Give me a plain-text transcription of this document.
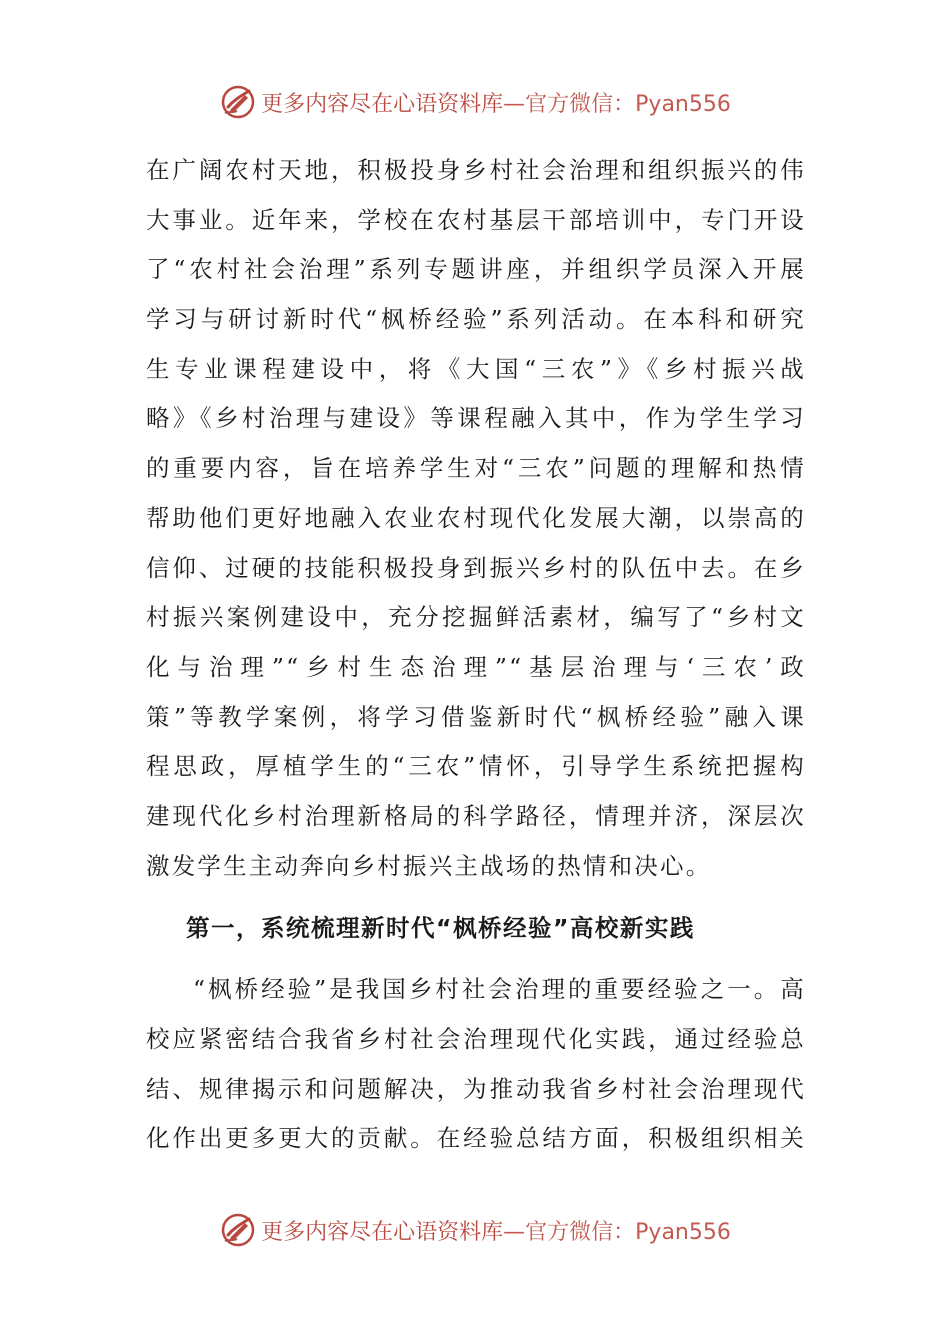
更多内容尽在心语资料库—官方微信：Pyan556
在广阔农村天地，积极投身乡村社会治理和组织振兴的伟
大事业。近年来，学校在农村基层干部培训中，专门开设
了“农村社会治理”系列专题讲座，并组织学员深入开展
学习与研讨新时代“枫桥经验”系列活动。在本科和研究
生专业课程建设中，将《大国“三农”》《乡村振兴战
略》《乡村治理与建设》等课程融入其中，作为学生学习
的重要内容，旨在培养学生对“三农”问题的理解和热情
帮助他们更好地融入农业农村现代化发展大潮，以崇高的
信仰、过硬的技能积极投身到振兴乡村的队伍中去。在乡
村振兴案例建设中，充分挖掘鲜活素材，编写了“乡村文
化与治理”“乡村生态治理”“基层治理与‘三农’政
策”等教学案例，将学习借鉴新时代“枫桥经验”融入课
程思政，厚植学生的“三农”情怀，引导学生系统把握构
建现代化乡村治理新格局的科学路径，情理并济，深层次
激发学生主动奔向乡村振兴主战场的热情和决心。
第一，系统梳理新时代“枫桥经验”高校新实践
“枫桥经验”是我国乡村社会治理的重要经验之一。高
校应紧密结合我省乡村社会治理现代化实践，通过经验总
结、规律揭示和问题解决，为推动我省乡村社会治理现代
化作出更多更大的贡献。在经验总结方面，积极组织相关
更多内容尽在心语资料库—官方微信：Pyan556
